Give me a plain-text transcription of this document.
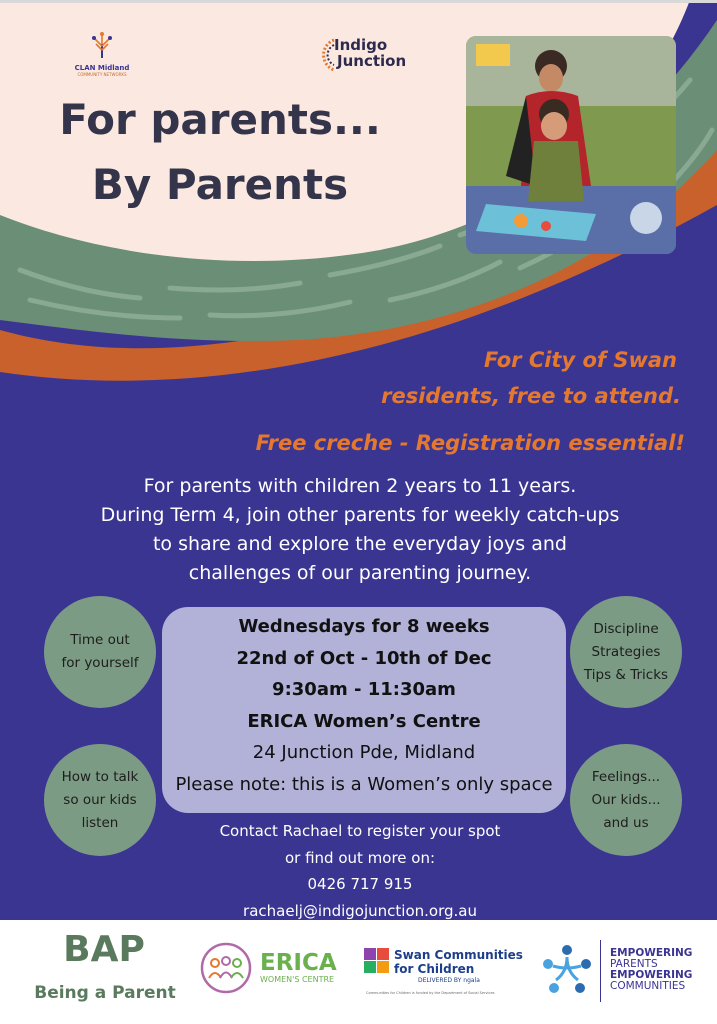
CLAN Midland
COMMUNITY NETWORKS
Indigo
Junction
For parents...
By Parents
For City of Swan
residents, free to attend.
Free creche - Registration essential!
For parents with children 2 years to 11 years.
During Term 4, join other parents for weekly catch-ups
to share and explore the everyday joys and
challenges of our parenting journey.
Time out
for yourself
How to talk
so our kids
listen
Discipline
Strategies
Tips & Tricks
Feelings...
Our kids...
and us
Wednesdays for 8 weeks
22nd of Oct - 10th of Dec
9:30am - 11:30am
ERICA Women’s Centre
24 Junction Pde, Midland
Please note: this is a Women’s only space
Contact Rachael to register your spot
or find out more on:
0426 717 915
rachaelj@indigojunction.org.au
BAP
Being a Parent
ERICA
WOMEN'S CENTRE
Swan Communities
for Children
DELIVERED BY ngala
Communities for Children is funded by the Department of Social Services
EMPOWERING
PARENTS
EMPOWERING
COMMUNITIES
